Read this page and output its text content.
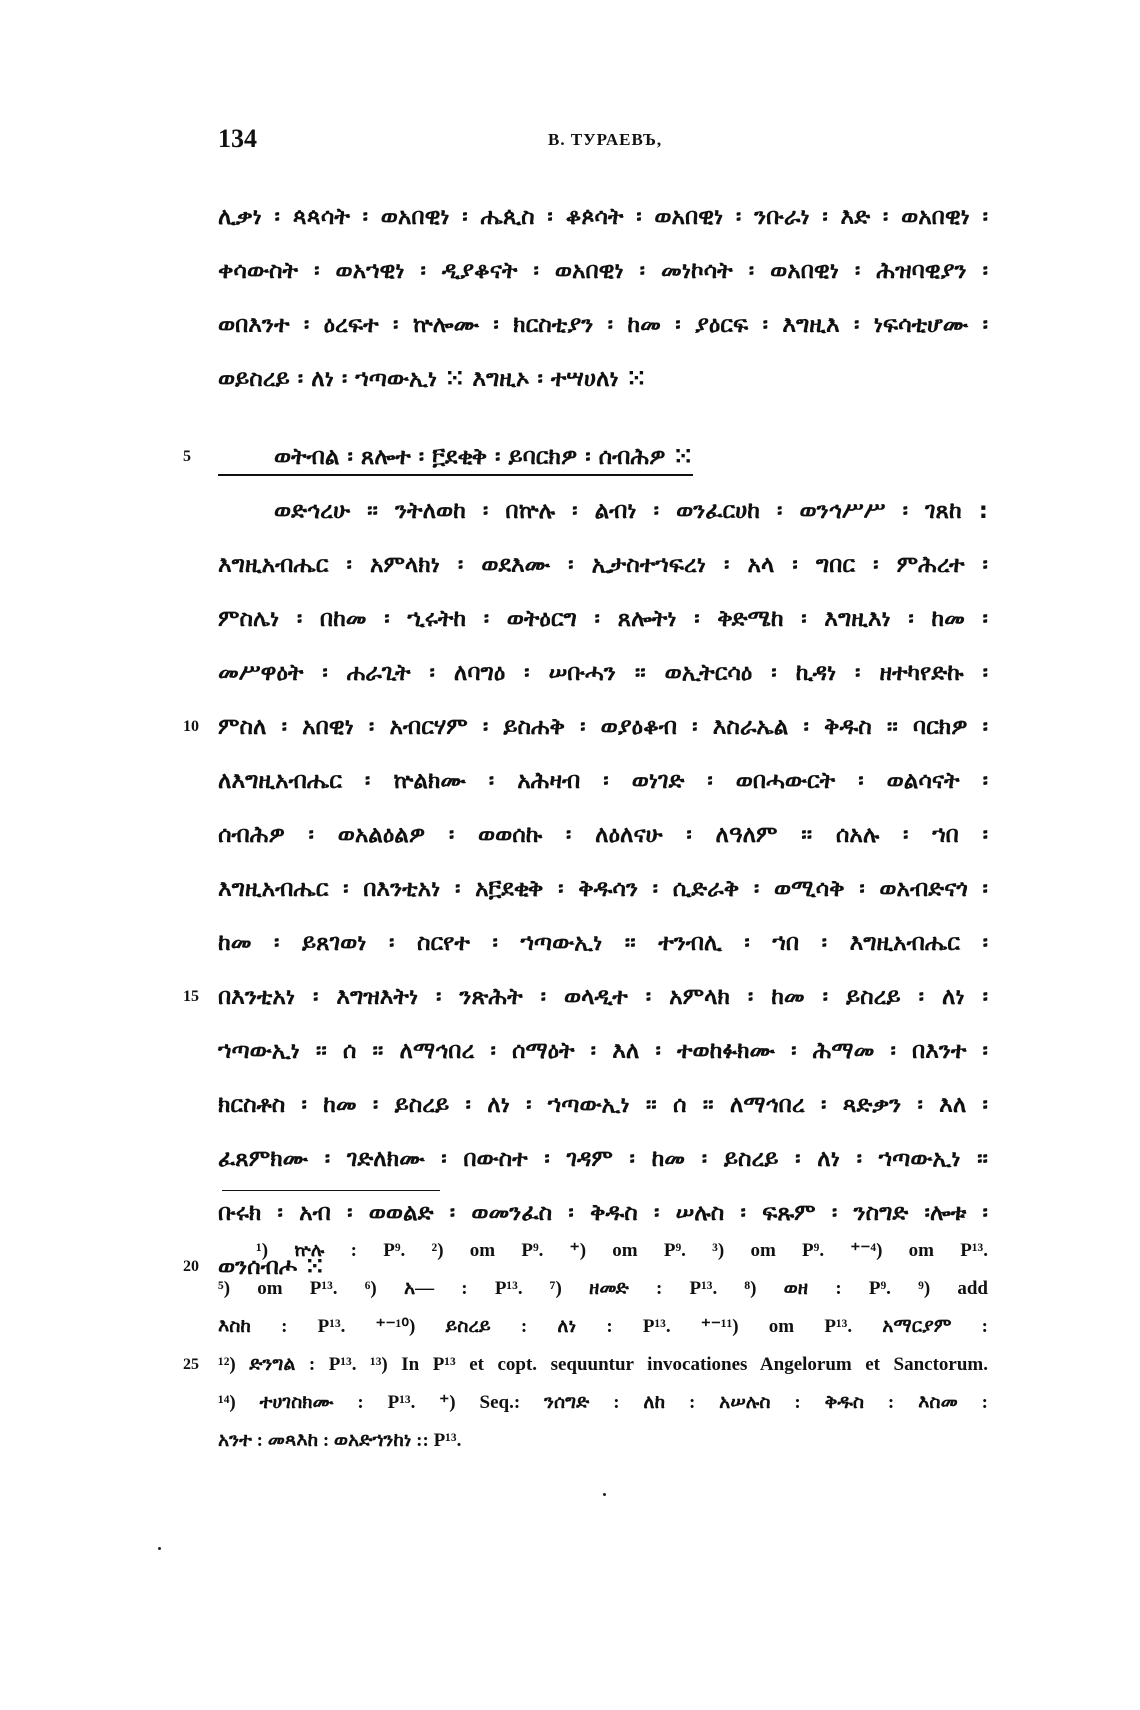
134	B. ТУРАЕВЪ,
ሊቃነ ፡ ጳጳሳት ፡ ወአበዊነ ፡ ሔጲስ ፡ ቆጶሳት ፡ ወአበዊነ ፡ ንቡራነ ፡ እድ ፡ ወአበዊነ ፡
ቀሳውስት ፡ ወአኀዊነ ፡ ዲያቆናት ፡ ወአበዊነ ፡ መነኮሳት ፡ ወአበዊነ ፡ ሕዝባዊያን ፡
ወበእንተ ፡ ዕረፍተ ፡ ኵሎሙ ፡ ክርስቲያን ፡ ከመ ፡ ያዕርፍ ፡ እግዚእ ፡ ነፍሳቲሆሙ ፡
ወይስረይ ፡ ለነ ፡ ኀጣውኢነ ⁙ እግዚኦ ፡ ተሣሀለነ ⁙
5	ወትብል ፡ ጸሎተ ፡ ፫ደቂቅ ፡ ይባርክዎ ፡ ሰብሕዎ ⁙
ወድኅረሁ ፡፡ ንትለወከ ፡ በኵሉ ፡ ልብነ ፡ ወንፈርሀከ ፡ ወንኅሥሥ ፡ ገጸከ :
እግዚአብሔር ፡ አምላክነ ፡ ወደእሙ ፡ ኢታስተኀፍረነ ፡ አላ ፡ ግበር ፡ ምሕረተ ፡
ምስሌነ ፡ በከመ ፡ ኂሩትከ ፡ ወትዕርግ ፡ ጸሎትነ ፡ ቅድሜከ ፡ እግዚእነ ፡ ከመ ፡
መሥዋዕት ፡ ሐራጊት ፡ ለባግዕ ፡ ሠቡሓን ፡፡ ወኢትርሳዕ ፡ ኪዳነ ፡ ዘተካየድኩ ፡
10 ምስለ ፡ አበዊነ ፡ አብርሃም ፡ ይስሐቅ ፡ ወያዕቆብ ፡ እስራኤል ፡ ቅዱስ ፡፡ ባርክዎ ፡
ለእግዚአብሔር ፡ ኵልክሙ ፡ አሕዛብ ፡ ወነገድ ፡ ወበሓውርት ፡ ወልሳናት ፡
ሰብሕዎ ፡ ወአልዕልዎ ፡ ወወሰኩ ፡ ለዕለናሁ ፡ ለዓለም ፡፡ ሰአሉ ፡ ኀበ ፡
እግዚአብሔር ፡ በእንቲአነ ፡ አ፫ደቂቅ ፡ ቅዱሳን ፡ ሲድራቅ ፡ ወሚሳቅ ፡ ወአብድናጎ ፡
ከመ ፡ ይጸገወነ ፡ ስርየተ ፡ ኀጣውኢነ ፡፡ ተንብሊ ፡ ኀበ ፡ እግዚአብሔር ፡
15 በእንቲአነ ፡ እግዝእትነ ፡ ንጽሕት ፡ ወላዲተ ፡ አምላክ ፡ ከመ ፡ ይስረይ ፡ ለነ ፡
ኀጣውኢነ ፡፡ ሰ ፡፡ ለማኅበረ ፡ ሰማዕት ፡ እለ ፡ ተወከፉክሙ ፡ ሕማመ ፡ በእንተ ፡
ክርስቶስ ፡ ከመ ፡ ይስረይ ፡ ለነ ፡ ኀጣውኢነ ፡፡ ሰ ፡፡ ለማኅበረ ፡ ጻድቃን ፡ እለ ፡
ፈጸምክሙ ፡ ገድለክሙ ፡ በውስተ ፡ ገዳም ፡ ከመ ፡ ይስረይ ፡ ለነ ፡ ኀጣውኢነ ፡፡
ቡሩክ ፡ አብ ፡ ወወልድ ፡ ወመንፈስ ፡ ቅዱስ ፡ ሠሉስ ፡ ፍጹም ፡ ንስግድ ፡ሎቱ ፡
20 ወንሰብሖ ⁙
¹) ኵሉ : P⁹. ²) om P⁹. ⁺) om P⁹. ³) om P⁹. ⁺⁻⁴) om P¹³.
⁵) om P¹³. ⁶) አ— : P¹³. ⁷) ዘመድ : P¹³. ⁸) ወዘ : P⁹. ⁹) add
እስከ : P¹³. ⁺⁻¹⁰) ይስረይ : ለነ : P¹³. ⁺⁻¹¹) om P¹³. አማርያም :
25	¹²) ድንግል : P¹³. ¹³) In P¹³ et copt. sequuntur invocationes Angelorum et Sanctorum.
¹⁴) ተሀገስክሙ : P¹³. ⁺) Seq.: ንሰግድ : ለከ : አሠሉስ : ቅዱስ : እስመ :
አንተ : መጻእከ : ወአድኀንከነ :: P¹³.
